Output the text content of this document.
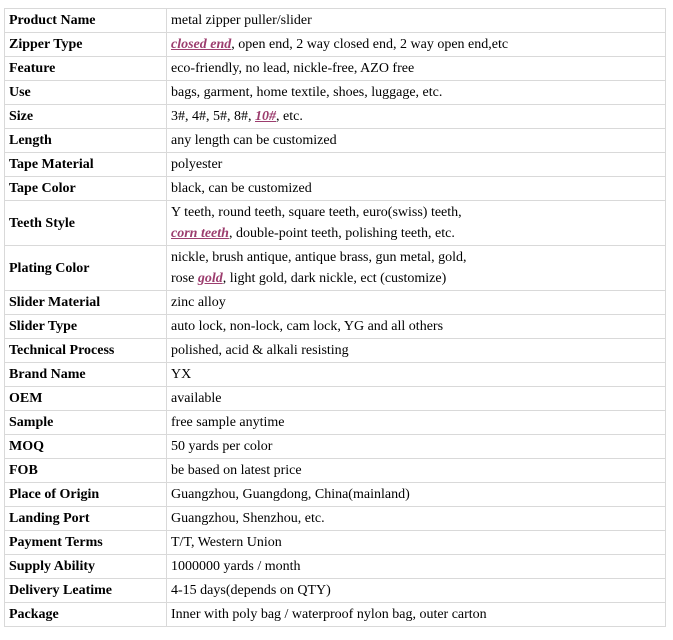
Product Name	metal zipper puller/slider
Zipper Type	closed end, open end, 2 way closed end, 2 way open end,etc
Feature	eco-friendly, no lead, nickle-free, AZO free
Use	bags, garment, home textile, shoes, luggage, etc.
Size	3#, 4#, 5#, 8#, 10#, etc.
Length	any length can be customized
Tape Material	polyester
Tape Color	black, can be customized
Teeth Style	Y teeth, round teeth, square teeth, euro(swiss) teeth,
corn teeth, double-point teeth, polishing teeth, etc.
Plating Color	nickle, brush antique, antique brass, gun metal, gold,
rose gold, light gold, dark nickle, ect (customize)
Slider Material	zinc alloy
Slider Type	auto lock, non-lock, cam lock, YG and all others
Technical Process	polished, acid & alkali resisting
Brand Name	YX
OEM	available
Sample	free sample anytime
MOQ	50 yards per color
FOB	be based on latest price
Place of Origin	Guangzhou, Guangdong, China(mainland)
Landing Port	Guangzhou, Shenzhou, etc.
Payment Terms	T/T, Western Union
Supply Ability	1000000 yards / month
Delivery Leatime	4-15 days(depends on QTY)
Package	Inner with poly bag / waterproof nylon bag, outer carton
